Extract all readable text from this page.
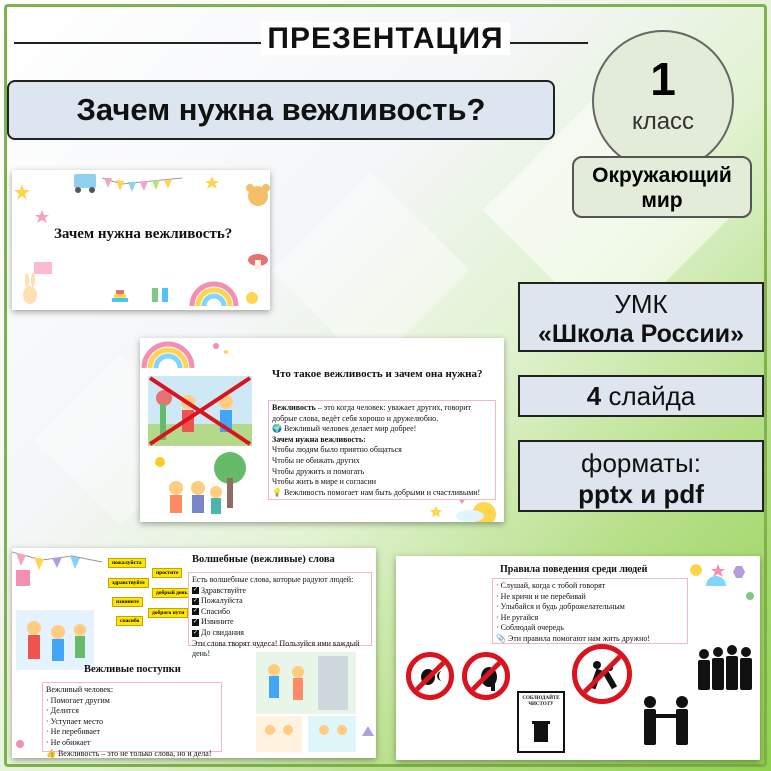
ПРЕЗЕНТАЦИЯ
Зачем нужна вежливость?
1
класс
Окружающий
мир
УМК
«Школа России»
4 слайда
форматы:
pptx и pdf
Зачем нужна вежливость?
Что такое вежливость и зачем она нужна?
Вежливость – это когда человек: уважает других, говорит добрые слова, ведёт себя хорошо и дружелюбно.
🌍 Вежливый человек делает мир добрее!
Зачем нужна вежливость:
Чтобы людям было приятно общаться
Чтобы не обижать других
Чтобы дружить и помогать
Чтобы жить в мире и согласии
💡 Вежливость помогает нам быть добрыми и счастливыми!
пожалуйста
здравствуйте
извините
спасибо
простите
добрый день
доброго пути
Волшебные (вежливые) слова
Есть волшебные слова, которые радуют людей:
✓ Здравствуйте
✓ Пожалуйста
✓ Спасибо
✓ Извините
✓ До свидания
Эти слова творят чудеса! Пользуйся ими каждый день!
Вежливые поступки
Вежливый человек:
· Помогает другим
· Делится
· Уступает место
· Не перебивает
· Не обижает
👍 Вежливость – это не только слова, но и дела!
Правила поведения среди людей
· Слушай, когда с тобой говорят
· Не кричи и не перебивай
· Улыбайся и будь доброжелательным
· Не ругайся
· Соблюдай очередь
📎 Эти правила помогают нам жить дружно!
СОБЛЮДАЙТЕ ЧИСТОТУ
